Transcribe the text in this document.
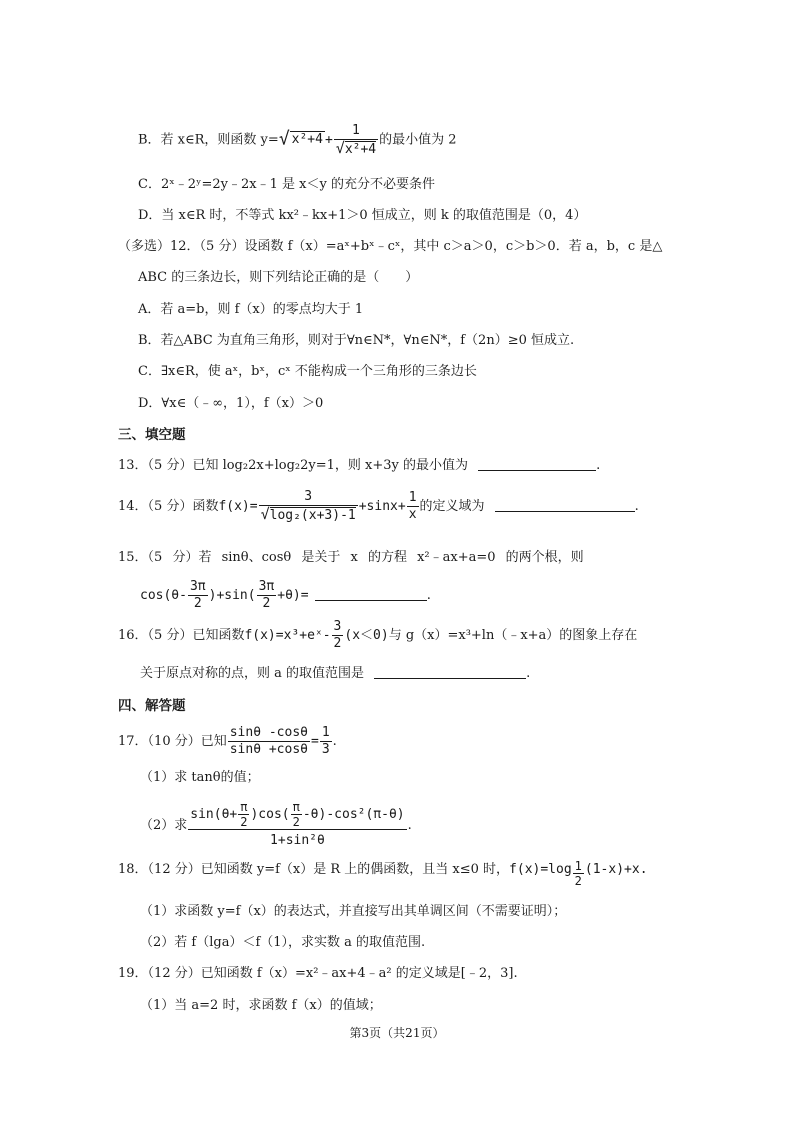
B．若 x∈R，则函数 y=√ $x^2+4 + \frac{1}{\text{√x²+4}}$ 的最小值为 2
C．2ˣ﹣2ʸ=2y﹣2x﹣1 是 x＜y 的充分不必要条件
D．当 x∈R 时，不等式 kx²﹣kx+1＞0 恒成立，则 k 的取值范围是（0，4）
（多选）12．（5 分）设函数 f（x）=aˣ+bˣ﹣cˣ，其中 c＞a＞0，c＞b＞0．若 a，b，c 是△
ABC 的三条边长，则下列结论正确的是（　　）
A．若 a=b，则 f（x）的零点均大于 1
B．若△ABC 为直角三角形，则对于∀n∈N*，∀n∈N*，f（2n）≥0 恒成立.
C．∃x∈R，使 aˣ，bˣ，cˣ 不能构成一个三角形的三条边长
D．∀x∈（﹣∞，1），f（x）＞0
三、填空题
13．（5 分）已知 log₂2x+log₂2y=1，则 x+3y 的最小值为	.
14．（5 分）函数$f(x)= \frac{3}{\text{√log₂(x+3)-1}} +\sin x+ \frac{1}{x}$ 的定义域为	.
15．（5 分）若 sinθ、cosθ 是关于 x 的方程 x²﹣ax+a=0 的两个根，则
$\cos(\theta- \frac{3\pi}{2} )+\sin( \frac{3\pi}{2} +\theta)=$	.
16．（5 分）已知函数f(x)=x³+eˣ- $\frac{3}{2} (x<0)$与 g（x）=x³+ln（﹣x+a）的图象上存在
关于原点对称的点，则 a 的取值范围是	.
四、解答题
17．（10 分）已知 $\frac{\sin\theta -\cos\theta}{\sin\theta +\cos\theta} = \frac{1}{3}$ .
（1）求 tanθ的值；
（2）求 $\frac{\sin(\theta+ \frac{\pi}{2} )\cos( \frac{\pi}{2} -\theta)-\cos^2(\pi-\theta)}{\text{1+sin²θ}}$ .
18．（12 分）已知函数 y=f（x）是 R 上的偶函数，且当 x≤0 时，$f(x)=\log \frac{1}{2} (1-x)+x$.
（1）求函数 y=f（x）的表达式，并直接写出其单调区间（不需要证明）；
（2）若 f（lga）＜f（1），求实数 a 的取值范围.
19．（12 分）已知函数 f（x）=x²﹣ax+4﹣a² 的定义域是[﹣2，3].
（1）当 a=2 时，求函数 f（x）的值域；
第3页（共21页）
